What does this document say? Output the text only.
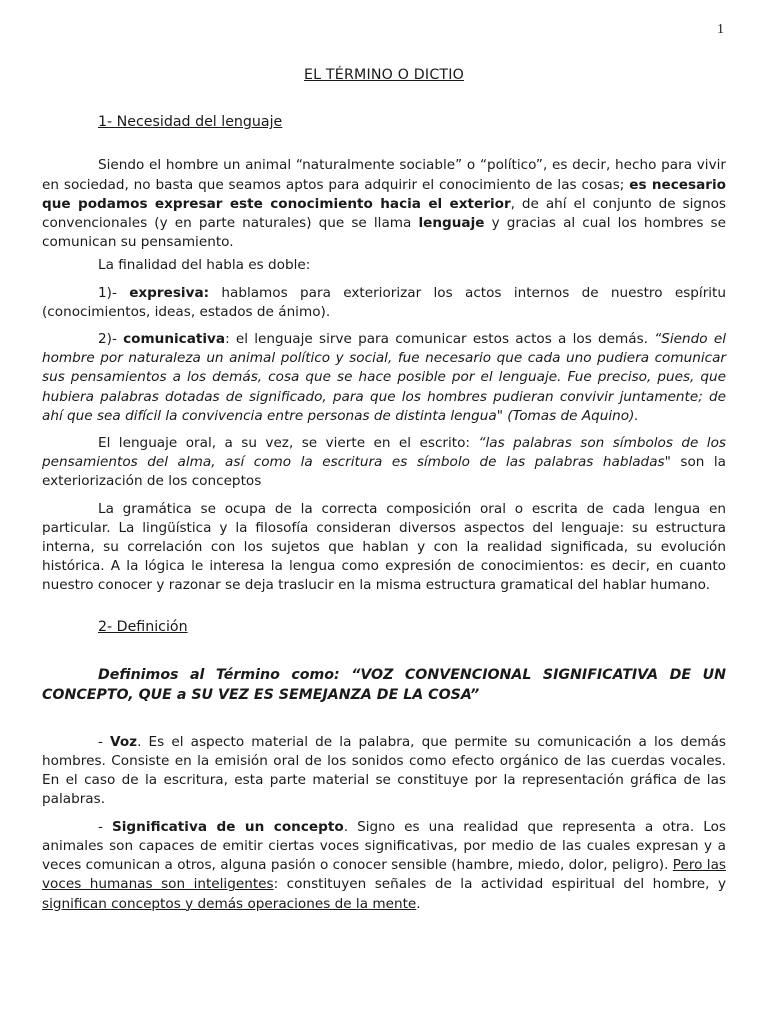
1
EL TÉRMINO O DICTIO
1- Necesidad del lenguaje

Siendo el hombre un animal “naturalmente sociable” o “político”, es decir, hecho para vivir en sociedad, no basta que seamos aptos para adquirir el conocimiento de las cosas; es necesario que podamos expresar este conocimiento hacia el exterior, de ahí el conjunto de signos convencionales (y en parte naturales) que se llama lenguaje y gracias al cual los hombres se comunican su pensamiento.

La finalidad del habla es doble:

1)- expresiva: hablamos para exteriorizar los actos internos de nuestro espíritu (conocimientos, ideas, estados de ánimo).

2)- comunicativa: el lenguaje sirve para comunicar estos actos a los demás. “Siendo el hombre por naturaleza un animal político y social, fue necesario que cada uno pudiera comunicar sus pensamientos a los demás, cosa que se hace posible por el lenguaje. Fue preciso, pues, que hubiera palabras dotadas de significado, para que los hombres pudieran convivir juntamente; de ahí que sea difícil la convivencia entre personas de distinta lengua" (Tomas de Aquino).

El lenguaje oral, a su vez, se vierte en el escrito: “las palabras son símbolos de los pensamientos del alma, así como la escritura es símbolo de las palabras habladas" son la exteriorización de los conceptos

La gramática se ocupa de la correcta composición oral o escrita de cada lengua en particular. La lingüística y la filosofía consideran diversos aspectos del lenguaje: su estructura interna, su correlación con los sujetos que hablan y con la realidad significada, su evolución histórica. A la lógica le interesa la lengua como expresión de conocimientos: es decir, en cuanto nuestro conocer y razonar se deja traslucir en la misma estructura gramatical del hablar humano.

2- Definición

Definimos al Término como: “VOZ CONVENCIONAL SIGNIFICATIVA DE UN CONCEPTO, QUE a SU VEZ ES SEMEJANZA DE LA COSA”

- Voz. Es el aspecto material de la palabra, que permite su comunicación a los demás hombres. Consiste en la emisión oral de los sonidos como efecto orgánico de las cuerdas vocales. En el caso de la escritura, esta parte material se constituye por la representación gráfica de las palabras.

- Significativa de un concepto. Signo es una realidad que representa a otra. Los animales son capaces de emitir ciertas voces significativas, por medio de las cuales expresan y a veces comunican a otros, alguna pasión o conocer sensible (hambre, miedo, dolor, peligro). Pero las voces humanas son inteligentes: constituyen señales de la actividad espiritual del hombre, y significan conceptos y demás operaciones de la mente.
